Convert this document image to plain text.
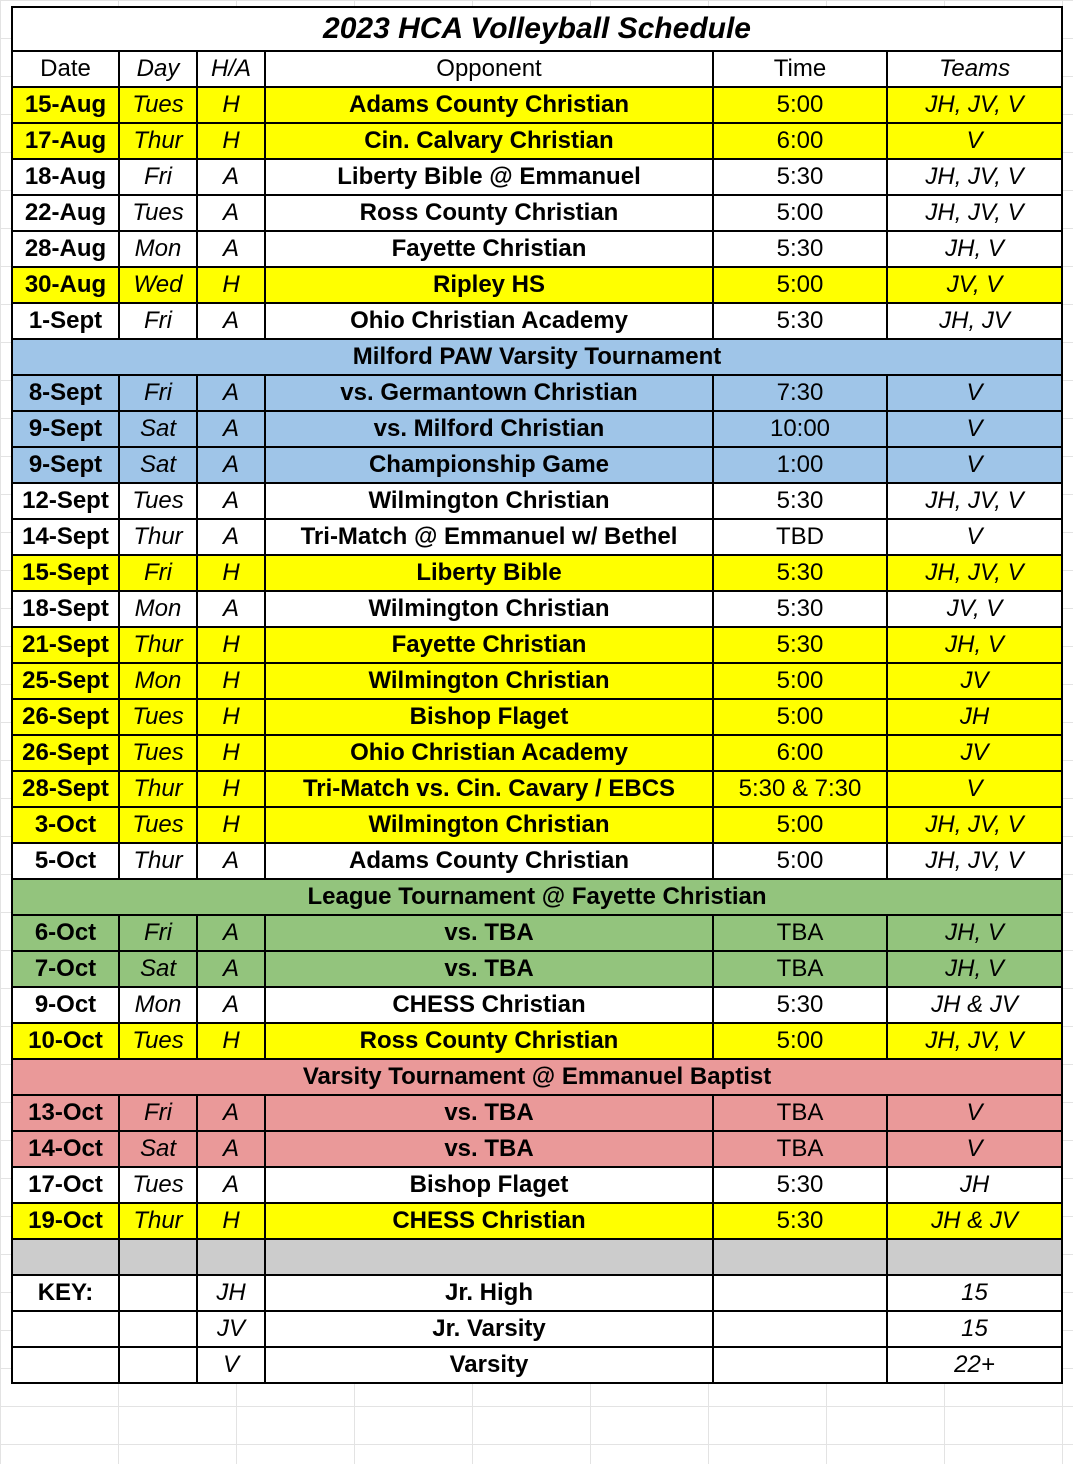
2023 HCA Volleyball Schedule					
Date	Day	H/A	Opponent	Time	Teams
15-Aug	Tues	H	Adams County Christian	5:00	JH, JV, V
17-Aug	Thur	H	Cin. Calvary Christian	6:00	V
18-Aug	Fri	A	Liberty Bible @ Emmanuel	5:30	JH, JV, V
22-Aug	Tues	A	Ross County Christian	5:00	JH, JV, V
28-Aug	Mon	A	Fayette Christian	5:30	JH, V
30-Aug	Wed	H	Ripley HS	5:00	JV, V
1-Sept	Fri	A	Ohio Christian Academy	5:30	JH, JV
Milford PAW Varsity Tournament					
8-Sept	Fri	A	vs. Germantown Christian	7:30	V
9-Sept	Sat	A	vs. Milford Christian	10:00	V
9-Sept	Sat	A	Championship Game	1:00	V
12-Sept	Tues	A	Wilmington Christian	5:30	JH, JV, V
14-Sept	Thur	A	Tri-Match @ Emmanuel w/ Bethel	TBD	V
15-Sept	Fri	H	Liberty Bible	5:30	JH, JV, V
18-Sept	Mon	A	Wilmington Christian	5:30	JV, V
21-Sept	Thur	H	Fayette Christian	5:30	JH, V
25-Sept	Mon	H	Wilmington Christian	5:00	JV
26-Sept	Tues	H	Bishop Flaget	5:00	JH
26-Sept	Tues	H	Ohio Christian Academy	6:00	JV
28-Sept	Thur	H	Tri-Match vs. Cin. Cavary / EBCS	5:30 & 7:30	V
3-Oct	Tues	H	Wilmington Christian	5:00	JH, JV, V
5-Oct	Thur	A	Adams County Christian	5:00	JH, JV, V
League Tournament @ Fayette Christian					
6-Oct	Fri	A	vs. TBA	TBA	JH, V
7-Oct	Sat	A	vs. TBA	TBA	JH, V
9-Oct	Mon	A	CHESS Christian	5:30	JH & JV
10-Oct	Tues	H	Ross County Christian	5:00	JH, JV, V
Varsity Tournament @ Emmanuel Baptist					
13-Oct	Fri	A	vs. TBA	TBA	V
14-Oct	Sat	A	vs. TBA	TBA	V
17-Oct	Tues	A	Bishop Flaget	5:30	JH
19-Oct	Thur	H	CHESS Christian	5:30	JH & JV

KEY:		JH	Jr. High		15
		JV	Jr. Varsity		15
		V	Varsity		22+
